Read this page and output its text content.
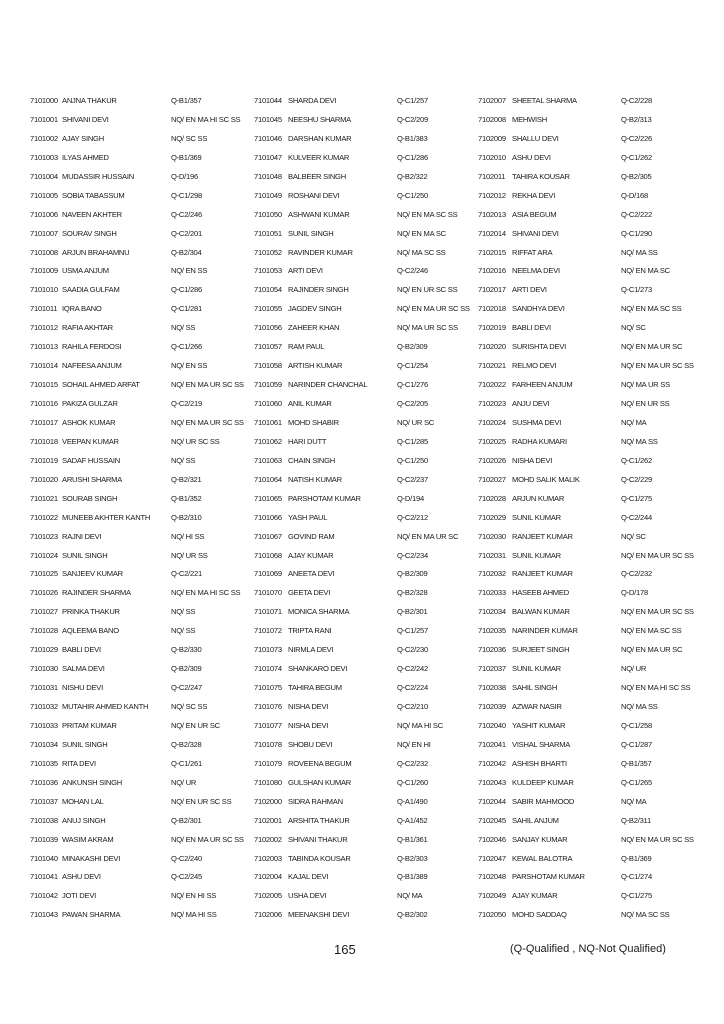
7101000 ANJNA THAKUR	Q-B1/357
7101001 SHIVANI DEVI	NQ/ EN MA HI SC SS
7101002 AJAY SINGH	NQ/ SC SS
7101003 ILYAS AHMED	Q-B1/369
7101004 MUDASSIR HUSSAIN	Q-D/196
7101005 SOBIA TABASSUM	Q-C1/298
7101006 NAVEEN AKHTER	Q-C2/246
7101007 SOURAV SINGH	Q-C2/201
7101008 ARJUN BRAHAMNU	Q-B2/304
7101009 USMA ANJUM	NQ/ EN SS
7101010 SAADIA GULFAM	Q-C1/286
7101011 IQRA BANO	Q-C1/281
7101012 RAFIA AKHTAR	NQ/ SS
7101013 RAHILA FERDOSI	Q-C1/266
7101014 NAFEESA ANJUM	NQ/ EN SS
7101015 SOHAIL AHMED ARFAT	NQ/ EN MA UR SC SS
7101016 PAKIZA GULZAR	Q-C2/219
7101017 ASHOK KUMAR	NQ/ EN MA UR SC SS
7101018 VEEPAN KUMAR	NQ/ UR SC SS
7101019 SADAF HUSSAIN	NQ/ SS
7101020 ARUSHI SHARMA	Q-B2/321
7101021 SOURAB SINGH	Q-B1/352
7101022 MUNEEB AKHTER KANTH	Q-B2/310
7101023 RAJNI DEVI	NQ/ HI SS
7101024 SUNIL SINGH	NQ/ UR SS
7101025 SANJEEV KUMAR	Q-C2/221
7101026 RAJINDER SHARMA	NQ/ EN MA HI SC SS
7101027 PRINKA THAKUR	NQ/ SS
7101028 AQLEEMA BANO	NQ/ SS
7101029 BABLI DEVI	Q-B2/330
7101030 SALMA DEVI	Q-B2/309
7101031 NISHU DEVI	Q-C2/247
7101032 MUTAHIR AHMED KANTH	NQ/ SC SS
7101033 PRITAM KUMAR	NQ/ EN UR SC
7101034 SUNIL SINGH	Q-B2/328
7101035 RITA DEVI	Q-C1/261
7101036 ANKUNSH SINGH	NQ/ UR
7101037 MOHAN LAL	NQ/ EN UR SC SS
7101038 ANUJ SINGH	Q-B2/301
7101039 WASIM AKRAM	NQ/ EN MA UR SC SS
7101040 MINAKASHI DEVI	Q-C2/240
7101041 ASHU DEVI	Q-C2/245
7101042 JOTI DEVI	NQ/ EN HI SS
7101043 PAWAN SHARMA	NQ/ MA HI SS
7101044 SHARDA DEVI	Q-C1/257
7101045 NEESHU SHARMA	Q-C2/209
7101046 DARSHAN KUMAR	Q-B1/383
7101047 KULVEER KUMAR	Q-C1/286
7101048 BALBEER SINGH	Q-B2/322
7101049 ROSHANI DEVI	Q-C1/250
7101050 ASHWANI KUMAR	NQ/ EN MA SC SS
7101051 SUNIL SINGH	NQ/ EN MA SC
7101052 RAVINDER KUMAR	NQ/ MA SC SS
7101053 ARTI DEVI	Q-C2/246
7101054 RAJINDER SINGH	NQ/ EN UR SC SS
7101055 JAGDEV SINGH	NQ/ EN MA UR SC SS
7101056 ZAHEER KHAN	NQ/ MA UR SC SS
7101057 RAM PAUL	Q-B2/309
7101058 ARTISH KUMAR	Q-C1/254
7101059 NARINDER CHANCHAL	Q-C1/276
7101060 ANIL KUMAR	Q-C2/205
7101061 MOHD SHABIR	NQ/ UR SC
7101062 HARI DUTT	Q-C1/285
7101063 CHAIN SINGH	Q-C1/250
7101064 NATISH KUMAR	Q-C2/237
7101065 PARSHOTAM KUMAR	Q-D/194
7101066 YASH PAUL	Q-C2/212
7101067 GOVIND RAM	NQ/ EN MA UR SC
7101068 AJAY KUMAR	Q-C2/234
7101069 ANEETA DEVI	Q-B2/309
7101070 GEETA DEVI	Q-B2/328
7101071 MONICA SHARMA	Q-B2/301
7101072 TRIPTA RANI	Q-C1/257
7101073 NIRMLA DEVI	Q-C2/230
7101074 SHANKARO DEVI	Q-C2/242
7101075 TAHIRA BEGUM	Q-C2/224
7101076 NISHA DEVI	Q-C2/210
7101077 NISHA DEVI	NQ/ MA HI SC
7101078 SHOBU DEVI	NQ/ EN HI
7101079 ROVEENA BEGUM	Q-C2/232
7101080 GULSHAN KUMAR	Q-C1/260
7102000 SIDRA RAHMAN	Q-A1/490
7102001 ARSHITA THAKUR	Q-A1/452
7102002 SHIVANI THAKUR	Q-B1/361
7102003 TABINDA KOUSAR	Q-B2/303
7102004 KAJAL DEVI	Q-B1/389
7102005 USHA DEVI	NQ/ MA
7102006 MEENAKSHI DEVI	Q-B2/302
7102007 SHEETAL SHARMA	Q-C2/228
7102008 MEHWISH	Q-B2/313
7102009 SHALLU DEVI	Q-C2/226
7102010 ASHU DEVI	Q-C1/262
7102011 TAHIRA KOUSAR	Q-B2/305
7102012 REKHA DEVI	Q-D/168
7102013 ASIA BEGUM	Q-C2/222
7102014 SHIVANI DEVI	Q-C1/290
7102015 RIFFAT ARA	NQ/ MA SS
7102016 NEELMA DEVI	NQ/ EN MA SC
7102017 ARTI DEVI	Q-C1/273
7102018 SANDHYA DEVI	NQ/ EN MA SC SS
7102019 BABLI DEVI	NQ/ SC
7102020 SURISHTA DEVI	NQ/ EN MA UR SC
7102021 RELMO DEVI	NQ/ EN MA UR SC SS
7102022 FARHEEN ANJUM	NQ/ MA UR SS
7102023 ANJU DEVI	NQ/ EN UR SS
7102024 SUSHMA DEVI	NQ/ MA
7102025 RADHA KUMARI	NQ/ MA SS
7102026 NISHA DEVI	Q-C1/262
7102027 MOHD SALIK MALIK	Q-C2/229
7102028 ARJUN KUMAR	Q-C1/275
7102029 SUNIL KUMAR	Q-C2/244
7102030 RANJEET KUMAR	NQ/ SC
7102031 SUNIL KUMAR	NQ/ EN MA UR SC SS
7102032 RANJEET KUMAR	Q-C2/232
7102033 HASEEB AHMED	Q-D/178
7102034 BALWAN KUMAR	NQ/ EN MA UR SC SS
7102035 NARINDER KUMAR	NQ/ EN MA SC SS
7102036 SURJEET SINGH	NQ/ EN MA UR SC
7102037 SUNIL KUMAR	NQ/ UR
7102038 SAHIL SINGH	NQ/ EN MA HI SC SS
7102039 AZWAR NASIR	NQ/ MA SS
7102040 YASHIT KUMAR	Q-C1/258
7102041 VISHAL SHARMA	Q-C1/287
7102042 ASHISH BHARTI	Q-B1/357
7102043 KULDEEP KUMAR	Q-C1/265
7102044 SABIR MAHMOOD	NQ/ MA
7102045 SAHIL ANJUM	Q-B2/311
7102046 SANJAY KUMAR	NQ/ EN MA UR SC SS
7102047 KEWAL BALOTRA	Q-B1/369
7102048 PARSHOTAM KUMAR	Q-C1/274
7102049 AJAY KUMAR	Q-C1/275
7102050 MOHD SADDAQ	NQ/ MA SC SS
165	(Q-Qualified , NQ-Not Qualified)
